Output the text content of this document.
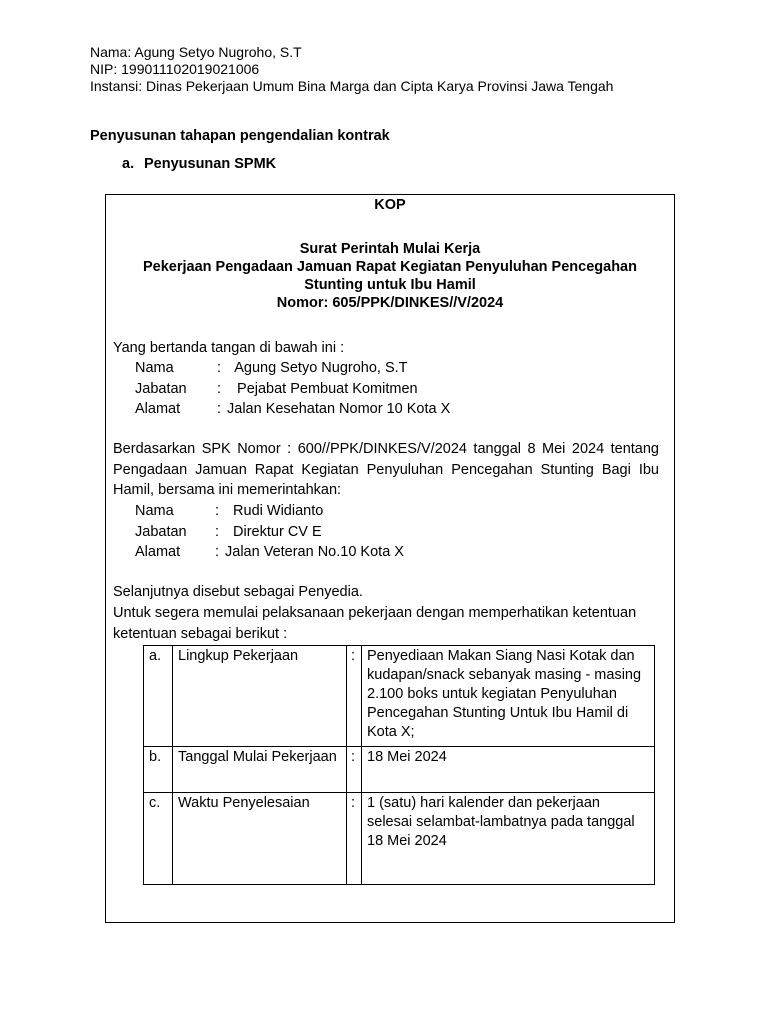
Nama: Agung Setyo Nugroho, S.T
NIP: 199011102019021006
Instansi: Dinas Pekerjaan Umum Bina Marga dan Cipta Karya Provinsi Jawa Tengah
Penyusunan tahapan pengendalian kontrak
a. Penyusunan SPMK
KOP
Surat Perintah Mulai Kerja
Pekerjaan Pengadaan Jamuan Rapat Kegiatan Penyuluhan Pencegahan
Stunting untuk Ibu Hamil
Nomor: 605/PPK/DINKES//V/2024
Yang bertanda tangan di bawah ini :
Nama	: Agung Setyo Nugroho, S.T
Jabatan	: Pejabat Pembuat Komitmen
Alamat	: Jalan Kesehatan Nomor 10 Kota X
Berdasarkan SPK Nomor : 600//PPK/DINKES/V/2024 tanggal 8 Mei 2024 tentang Pengadaan Jamuan Rapat Kegiatan Penyuluhan Pencegahan Stunting Bagi Ibu Hamil, bersama ini memerintahkan:
Nama	: Rudi Widianto
Jabatan	: Direktur CV E
Alamat	: Jalan Veteran No.10 Kota X
Selanjutnya disebut sebagai Penyedia.
Untuk segera memulai pelaksanaan pekerjaan dengan memperhatikan ketentuan ketentuan sebagai berikut :
a.	Lingkup Pekerjaan	:	Penyediaan Makan Siang Nasi Kotak dan kudapan/snack sebanyak masing - masing 2.100 boks untuk kegiatan Penyuluhan Pencegahan Stunting Untuk Ibu Hamil di Kota X;
b.	Tanggal Mulai Pekerjaan	:	18 Mei 2024
c.	Waktu Penyelesaian	:	1 (satu) hari kalender dan pekerjaan selesai selambat-lambatnya pada tanggal 18 Mei 2024
